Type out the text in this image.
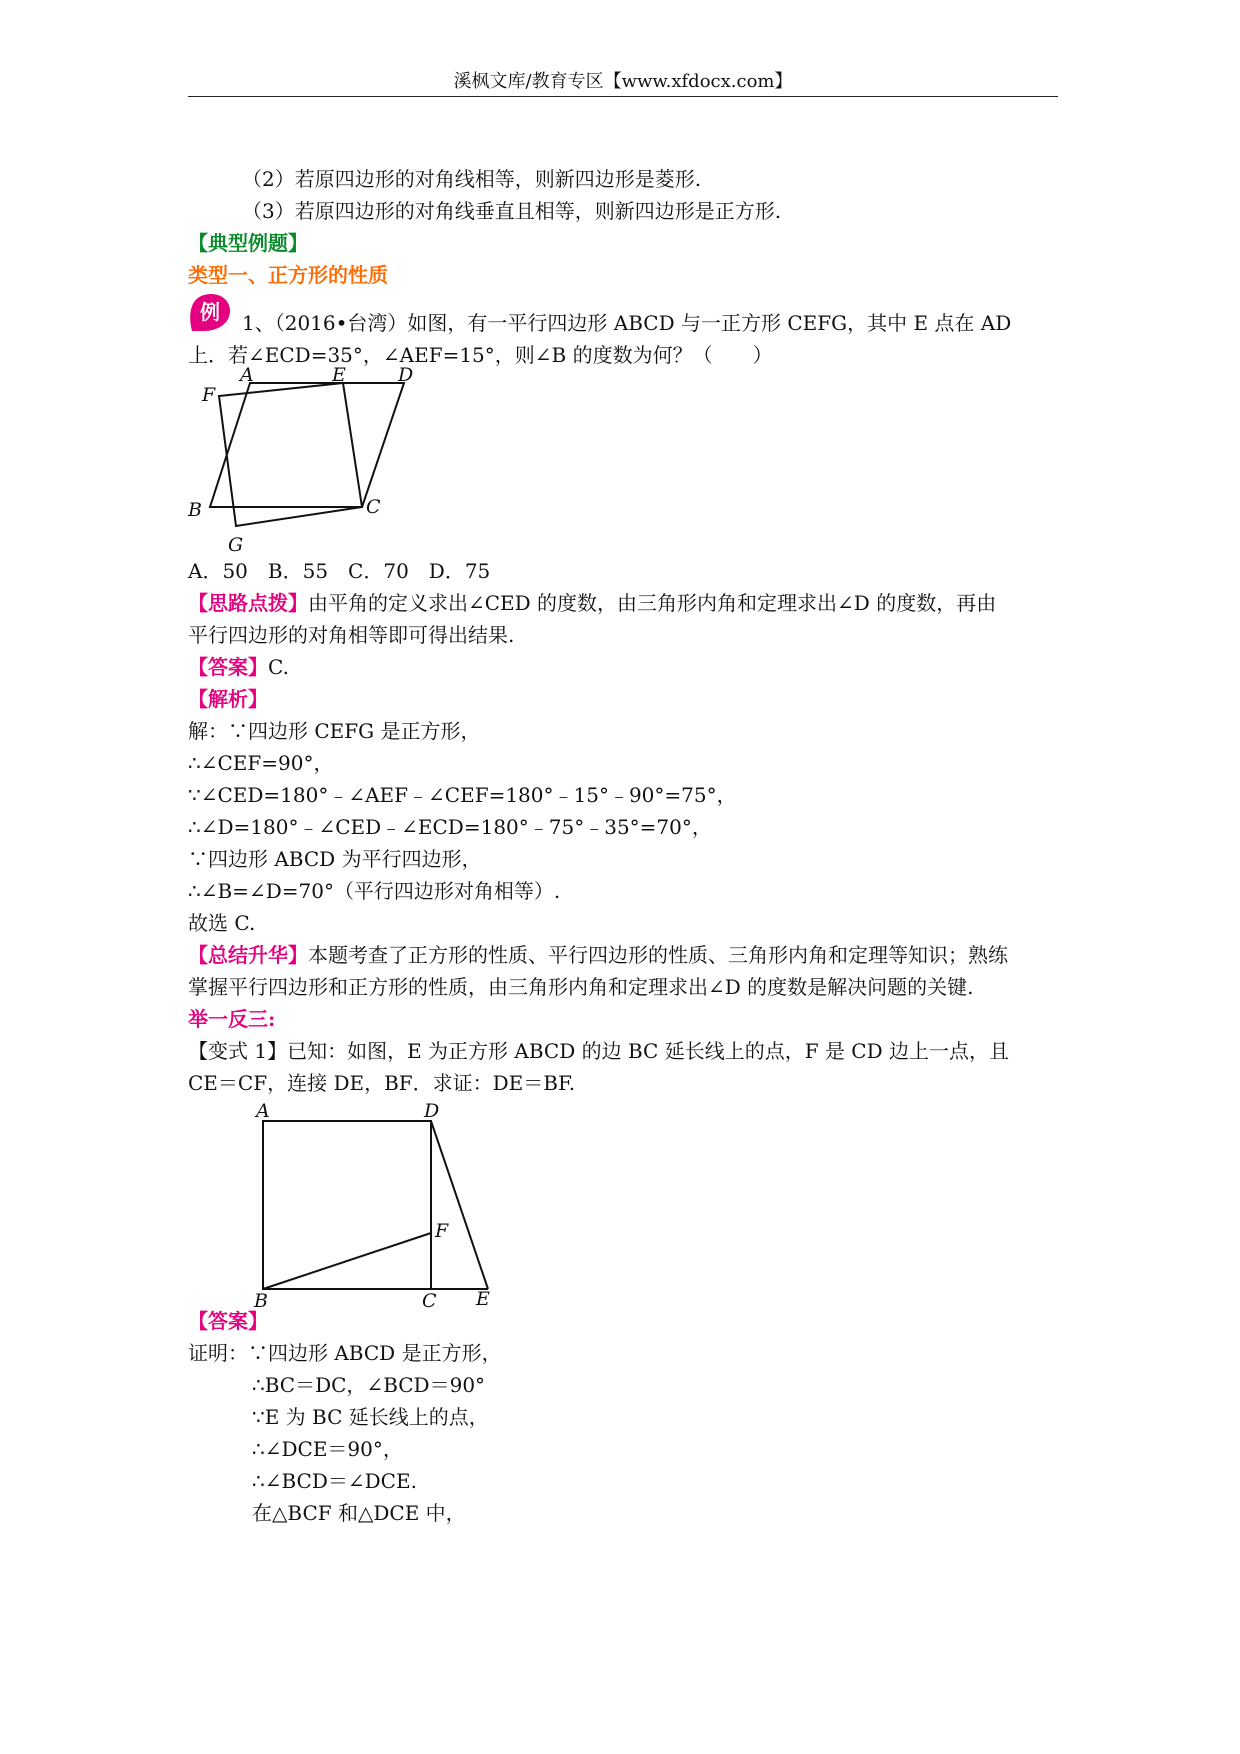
溪枫文库/教育专区【www.xfdocx.com】
（2）若原四边形的对角线相等，则新四边形是菱形.
（3）若原四边形的对角线垂直且相等，则新四边形是正方形.
【典型例题】
类型一、正方形的性质
例	1、（2016•台湾）如图，有一平行四边形 ABCD 与一正方形 CEFG，其中 E 点在 AD
上．若∠ECD=35°，∠AEF=15°，则∠B 的度数为何？（　　）
A	E	D
F
B	C
G
A．50　B．55　C．70　D．75
【思路点拨】由平角的定义求出∠CED 的度数，由三角形内角和定理求出∠D 的度数，再由
平行四边形的对角相等即可得出结果.
【答案】C.
【解析】
解：∵四边形 CEFG 是正方形，
∴∠CEF=90°，
∵∠CED=180°﹣∠AEF﹣∠CEF=180°﹣15°﹣90°=75°，
∴∠D=180°﹣∠CED﹣∠ECD=180°﹣75°﹣35°=70°，
∵四边形 ABCD 为平行四边形，
∴∠B=∠D=70°（平行四边形对角相等）.
故选 C.
【总结升华】本题考查了正方形的性质、平行四边形的性质、三角形内角和定理等知识；熟练
掌握平行四边形和正方形的性质，由三角形内角和定理求出∠D 的度数是解决问题的关键.
举一反三:
【变式 1】已知：如图，E 为正方形 ABCD 的边 BC 延长线上的点，F 是 CD 边上一点，且
CE＝CF，连接 DE，BF．求证：DE＝BF.
A	D
F
B	C E
【答案】
证明：∵四边形 ABCD 是正方形，
∴BC＝DC，∠BCD＝90°
∵E 为 BC 延长线上的点，
∴∠DCE＝90°，
∴∠BCD＝∠DCE.
在△BCF 和△DCE 中，
